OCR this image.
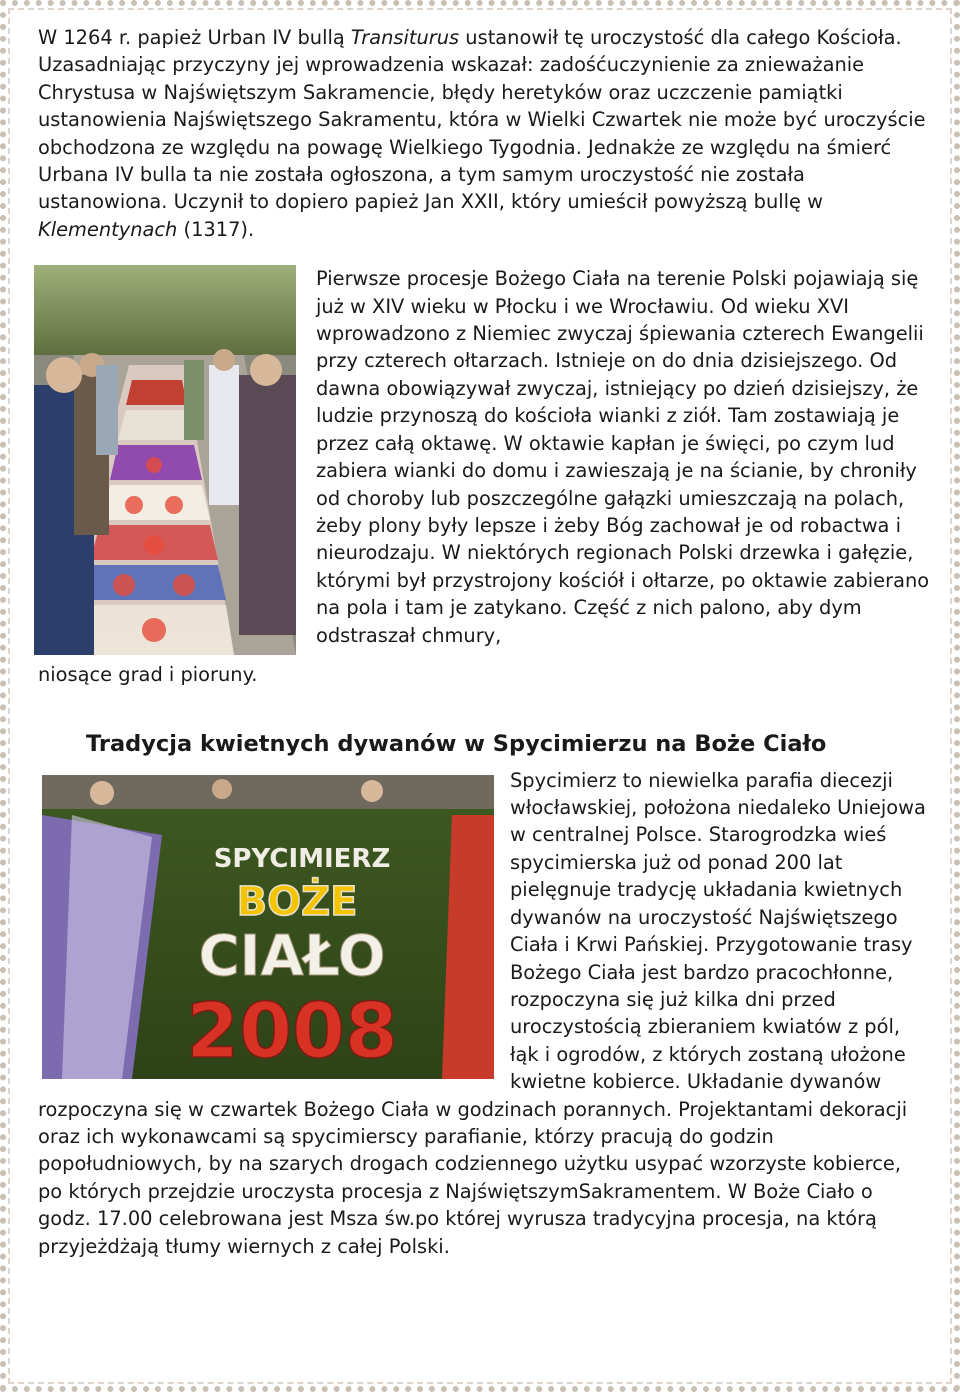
W 1264 r. papież Urban IV bullą Transiturus ustanowił tę uroczystość dla całego Kościoła. Uzasadniając przyczyny jej wprowadzenia wskazał: zadośćuczynienie za znieważanie Chrystusa w Najświętszym Sakramencie, błędy heretyków oraz uczczenie pamiątki ustanowienia Najświętszego Sakramentu, która w Wielki Czwartek nie może być uroczyście obchodzona ze względu na powagę Wielkiego Tygodnia. Jednakże ze względu na śmierć Urbana IV bulla ta nie została ogłoszona, a tym samym uroczystość nie została ustanowiona. Uczynił to dopiero papież Jan XXII, który umieścił powyższą bullę w Klementynach (1317).

Pierwsze procesje Bożego Ciała na terenie Polski pojawiają się już w XIV wieku w Płocku i we Wrocławiu. Od wieku XVI wprowadzono z Niemiec zwyczaj śpiewania czterech Ewangelii przy czterech ołtarzach. Istnieje on do dnia dzisiejszego. Od dawna obowiązywał zwyczaj, istniejący po dzień dzisiejszy, że ludzie przynoszą do kościoła wianki z ziół. Tam zostawiają je przez całą oktawę. W oktawie kapłan je święci, po czym lud zabiera wianki do domu i zawieszają je na ścianie, by chroniły od choroby lub poszczególne gałązki umieszczają na polach, żeby plony były lepsze i żeby Bóg zachował je od robactwa i nieurodzaju. W niektórych regionach Polski drzewka i gałęzie, którymi był przystrojony kościół i ołtarze, po oktawie zabierano na pola i tam je zatykano. Część z nich palono, aby dym odstraszał chmury,

niosące grad i pioruny.

Tradycja kwietnych dywanów w Spycimierzu na Boże Ciało
SPYCIMIERZ
BOŻE
CIAŁO
2008

Spycimierz to niewielka parafia diecezji włocławskiej, położona niedaleko Uniejowa w centralnej Polsce. Starogrodzka wieś spycimierska już od ponad 200 lat pielęgnuje tradycję układania kwietnych dywanów na uroczystość Najświętszego Ciała i Krwi Pańskiej. Przygotowanie trasy Bożego Ciała jest bardzo pracochłonne, rozpoczyna się już kilka dni przed uroczystością zbieraniem kwiatów z pól, łąk i ogrodów, z których zostaną ułożone kwietne kobierce. Układanie dywanów rozpoczyna się w czwartek Bożego Ciała w godzinach porannych. Projektantami dekoracji oraz ich wykonawcami są spycimierscy parafianie, którzy pracują do godzin popołudniowych, by na szarych drogach codziennego użytku usypać wzorzyste kobierce, po których przejdzie uroczysta procesja z NajświętszymSakramentem. W Boże Ciało o godz. 17.00 celebrowana jest Msza św.po której wyrusza tradycyjna procesja, na którą przyjeżdżają tłumy wiernych z całej Polski.
